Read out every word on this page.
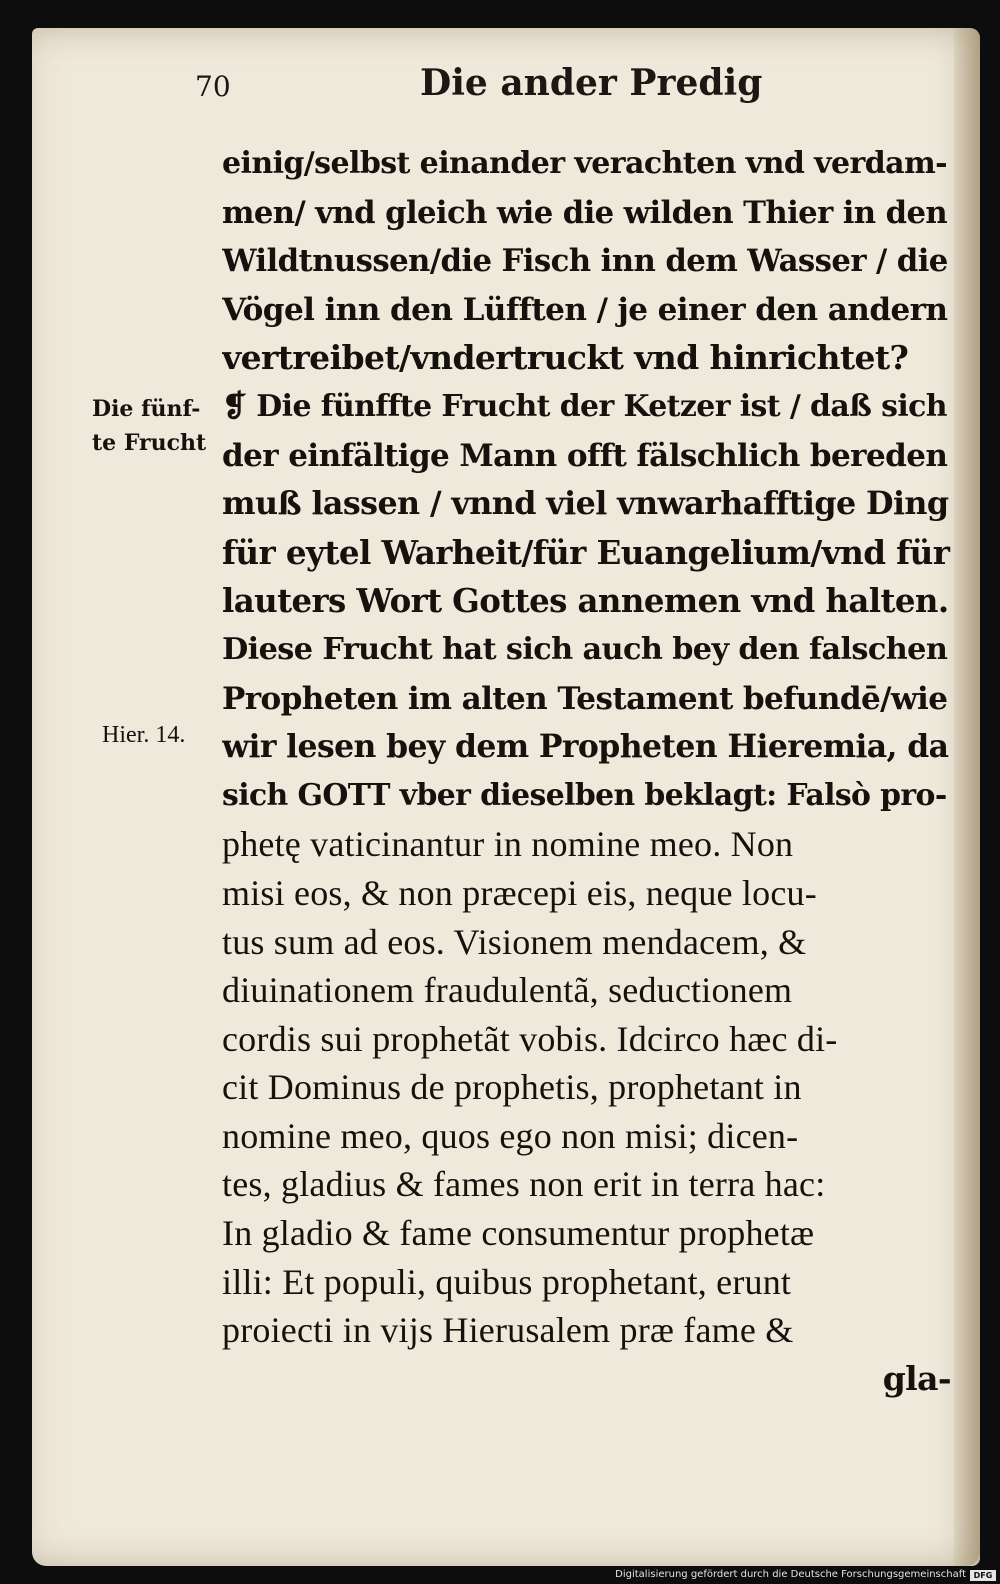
70	Die ander Predig
Die fünf-
te Frucht
Hier. 14.
einig/selbst einander verachten vnd verdam-
men/ vnd gleich wie die wilden Thier in den
Wildtnussen/die Fisch inn dem Wasser / die
Vögel inn den Lüfften / je einer den andern
vertreibet/vndertruckt vnd hinrichtet?
❡ Die fünffte Frucht der Ketzer ist / daß sich
der einfältige Mann offt fälschlich bereden
muß lassen / vnnd viel vnwarhafftige Ding
für eytel Warheit/für Euangelium/vnd für
lauters Wort Gottes annemen vnd halten.
Diese Frucht hat sich auch bey den falschen
Propheten im alten Testament befundē/wie
wir lesen bey dem Propheten Hieremia, da
sich GOTT vber dieselben beklagt: Falsò pro-
phetę vaticinantur in nomine meo. Non
misi eos, & non præcepi eis, neque locu-
tus sum ad eos. Visionem mendacem, &
diuinationem fraudulentã, seductionem
cordis sui prophetãt vobis. Idcirco hæc di-
cit Dominus de prophetis, prophetant in
nomine meo, quos ego non misi; dicen-
tes, gladius & fames non erit in terra hac:
In gladio & fame consumentur prophetæ
illi: Et populi, quibus prophetant, erunt
proiecti in vijs Hierusalem præ fame &
gla-
Digitalisierung gefördert durch die Deutsche Forschungsgemeinschaft DFG
